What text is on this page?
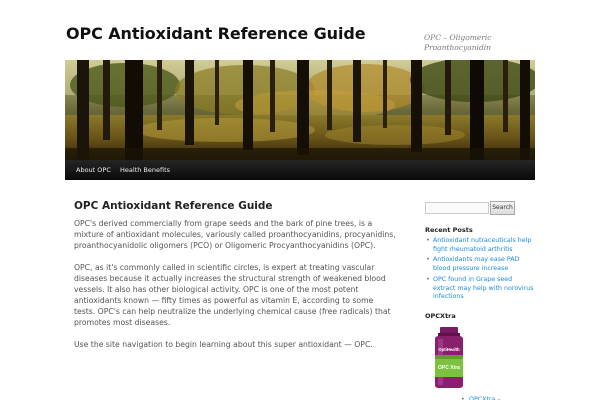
OPC Antioxidant Reference Guide	OPC – Oligomeric Proanthocyanidin
About OPC Health Benefits
OPC Antioxidant Reference Guide

OPC's derived commercially from grape seeds and the bark of pine trees, is a mixture of antioxidant molecules, variously called proanthocyanidins, procyanidins, proanthocyanidolic oligomers (PCO) or Oligomeric Procyanthocyanidins (OPC).

OPC, as it's commonly called in scientific circles, is expert at treating vascular diseases because it actually increases the structural strength of weakened blood vessels. It also has other biological activity. OPC is one of the most potent antioxidants known — fifty times as powerful as vitamin E, according to some tests. OPC's can help neutralize the underlying chemical cause (free radicals) that promotes most diseases.

Use the site navigation to begin learning about this super antioxidant — OPC.

Search
Recent Posts
• Antioxidant nutraceuticals help fight rheumatoid arthritis
• Antioxidants may ease PAD blood pressure increase
• OPC found in Grape seed extract may help with norovirus infections
OPCXtra
OptiHealth
OPC Xtra
• OPCXtra –
